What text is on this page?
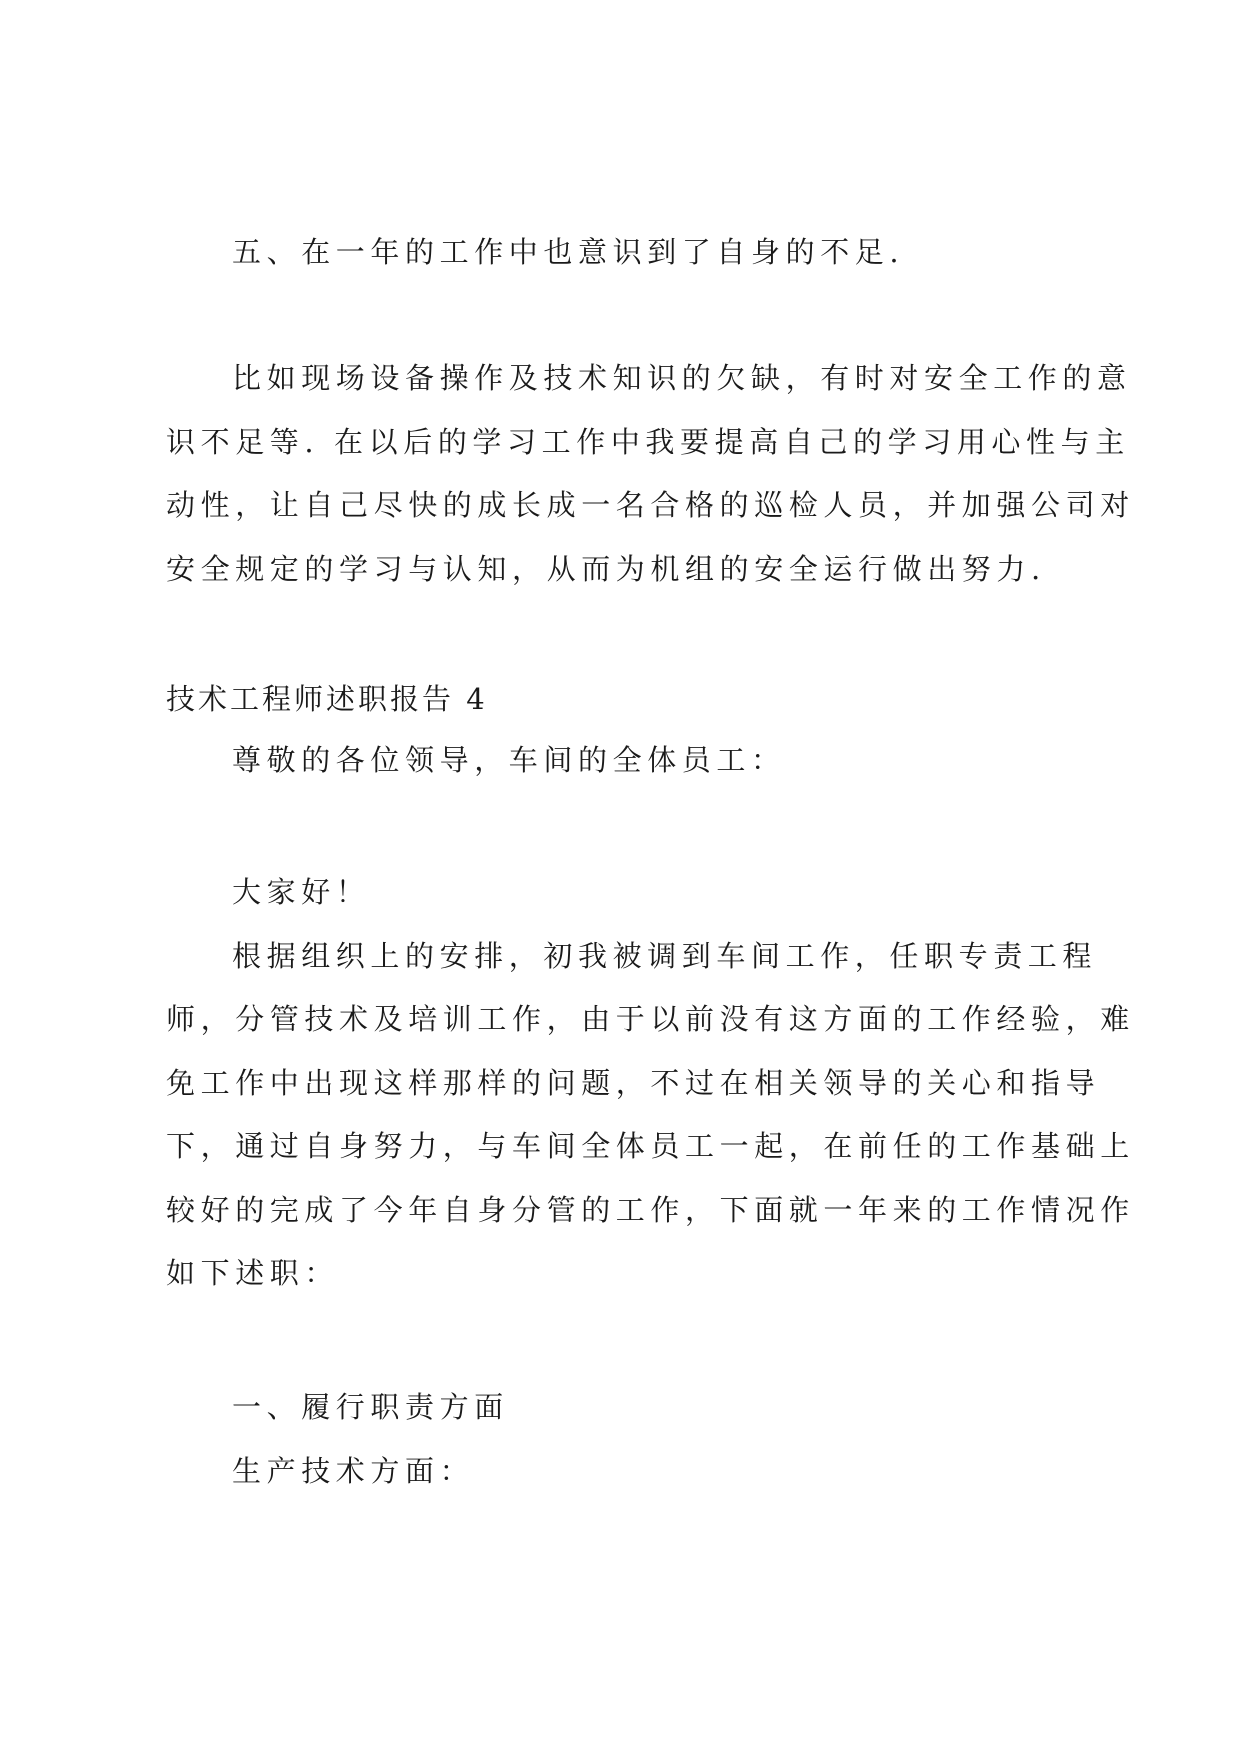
五、在一年的工作中也意识到了自身的不足.
比如现场设备操作及技术知识的欠缺，有时对安全工作的意
识不足等. 在以后的学习工作中我要提高自己的学习用心性与主
动性，让自己尽快的成长成一名合格的巡检人员，并加强公司对
安全规定的学习与认知，从而为机组的安全运行做出努力.
技术工程师述职报告 4
尊敬的各位领导，车间的全体员工：
大家好！
根据组织上的安排，初我被调到车间工作，任职专责工程
师，分管技术及培训工作，由于以前没有这方面的工作经验，难
免工作中出现这样那样的问题，不过在相关领导的关心和指导
下，通过自身努力，与车间全体员工一起，在前任的工作基础上
较好的完成了今年自身分管的工作，下面就一年来的工作情况作
如下述职：
一、履行职责方面
生产技术方面：
